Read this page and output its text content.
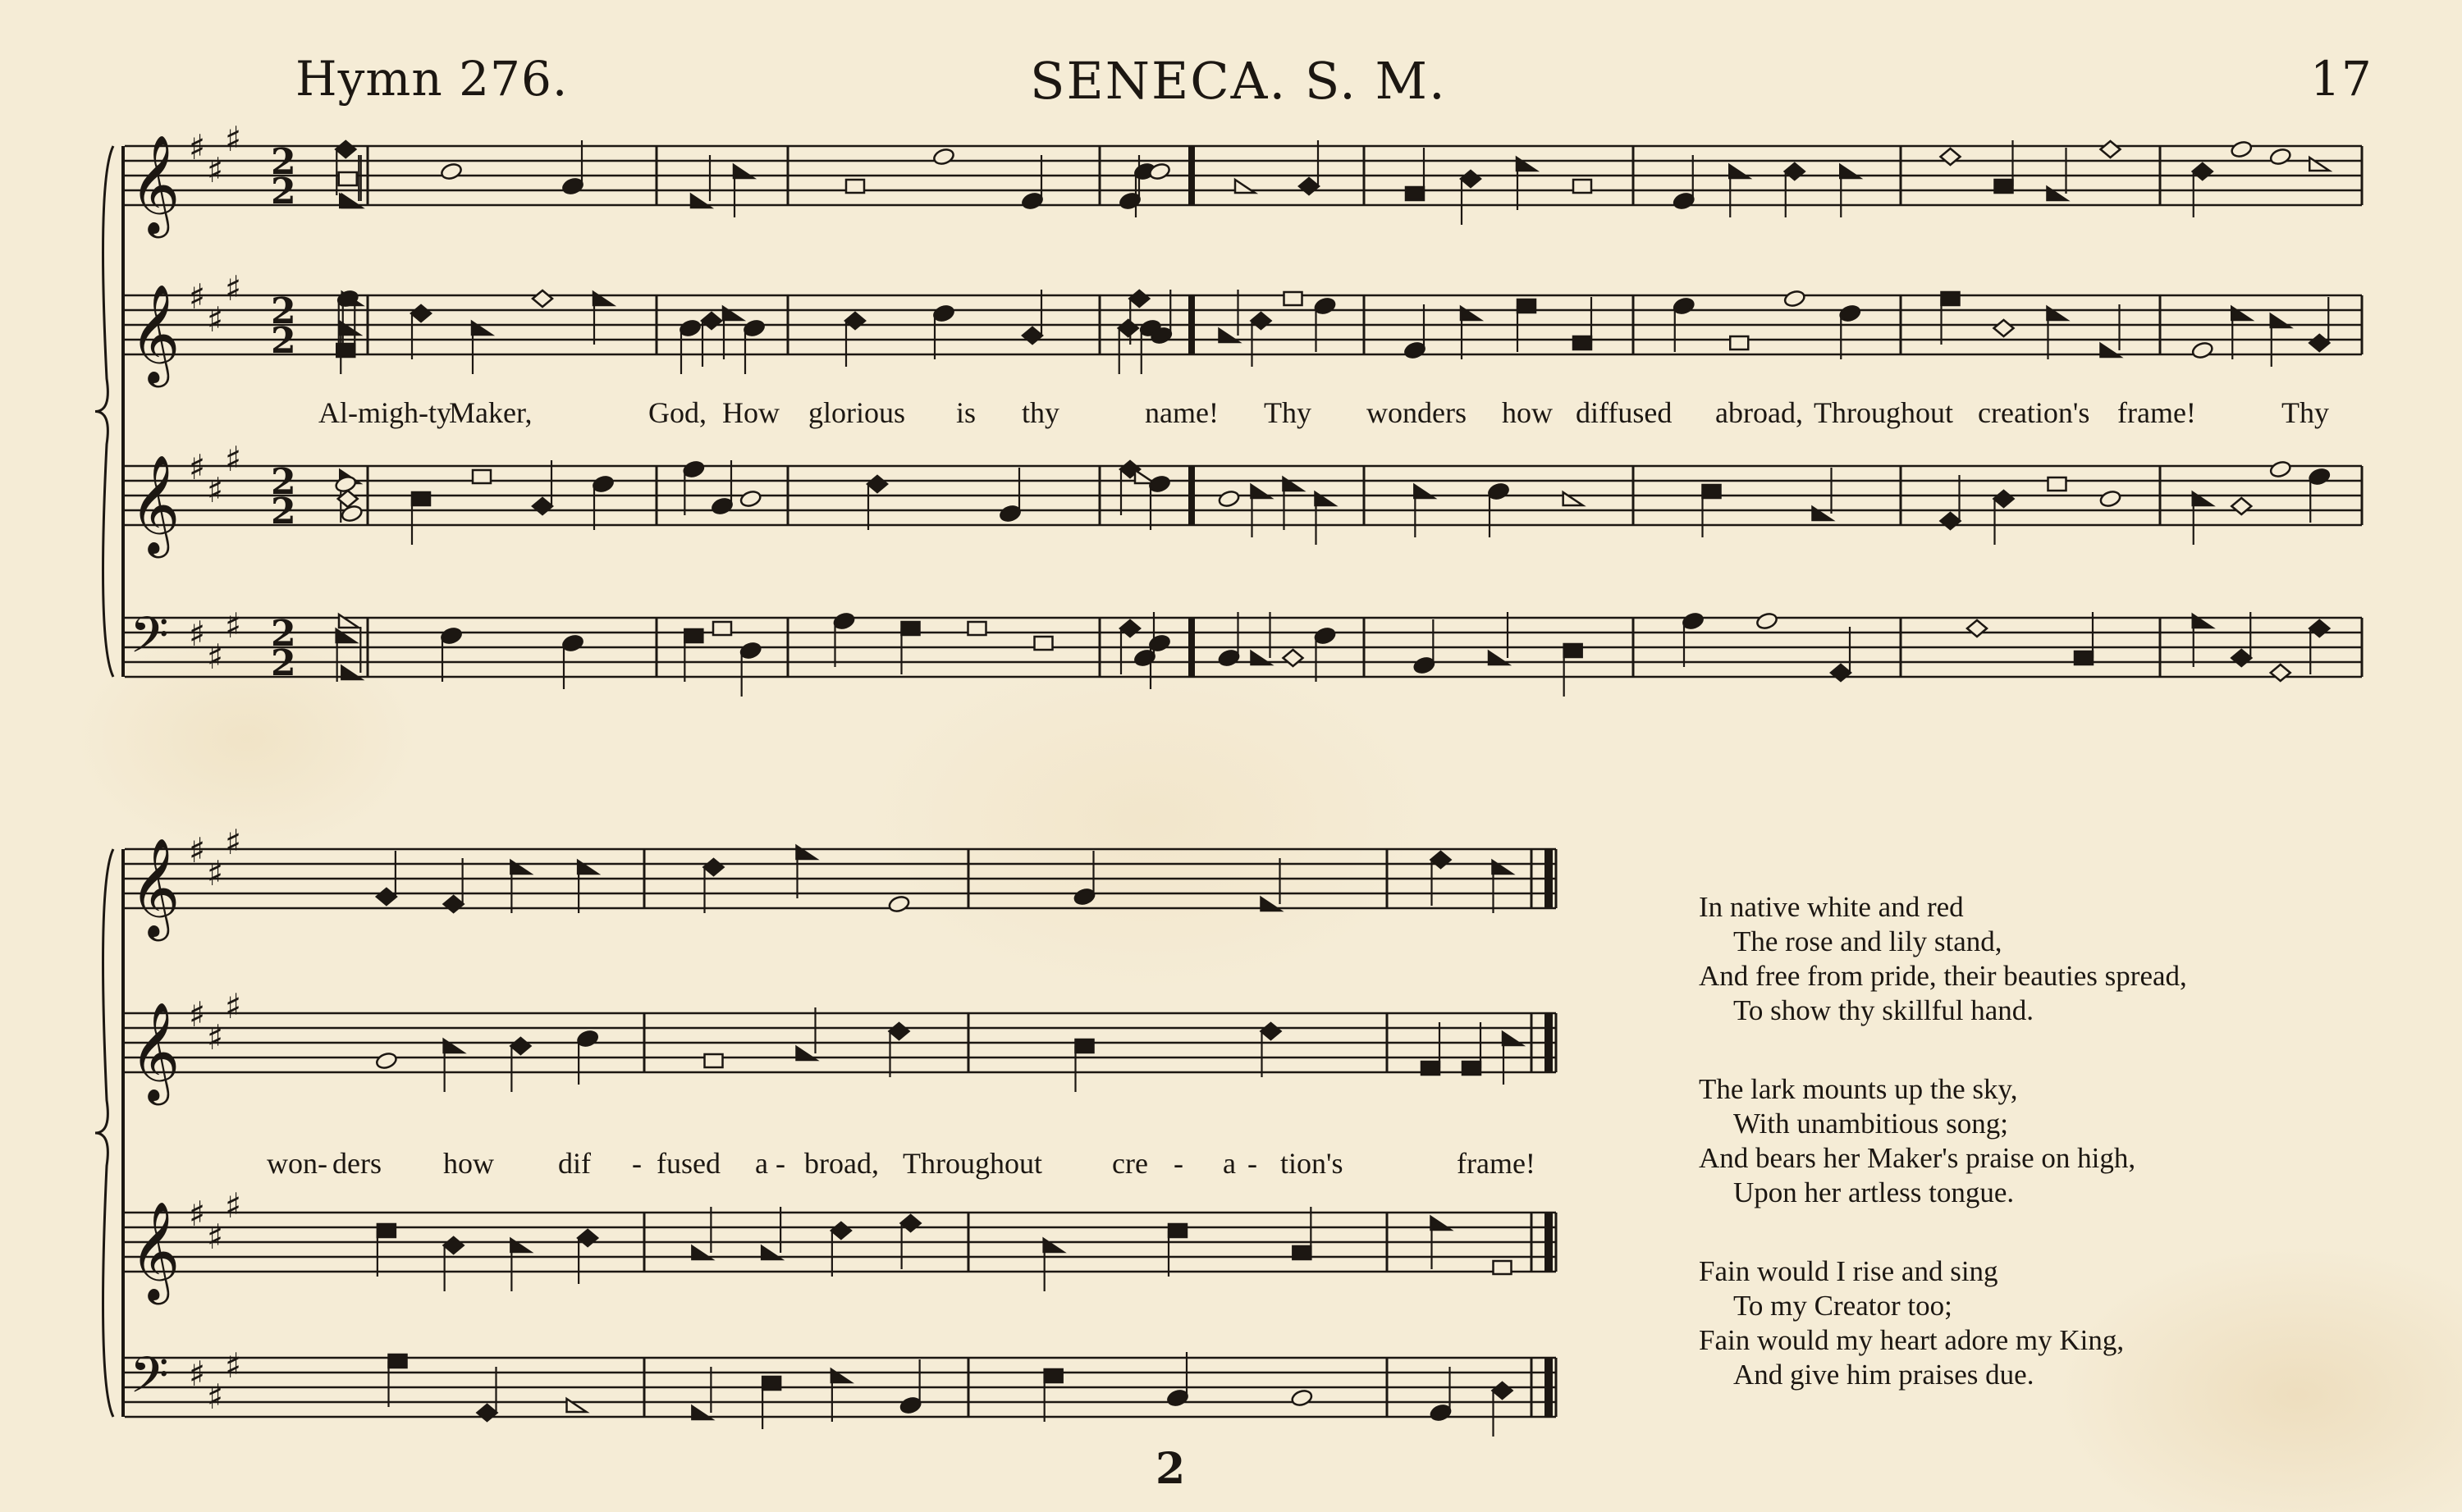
Hymn 276.	SENECA. S. M.	17
𝄞 ♯
♯
♯
2
2
𝄞 ♯
♯
♯
2
2
𝄞 ♯
♯
♯
2
2
𝄢 ♯
♯
♯ 2
2
𝄞 ♯
♯
♯
𝄞 ♯
♯
♯
𝄞 ♯
♯
♯
𝄢 ♯
♯
♯
Al-migh-ty
Maker,	God, How glorious is thy	name! Thy wonders how diffused abroad, Throughout creation's frame!	Thy
won- ders how dif - fused a - broad, Throughout cre - a - tion's	frame!
In native white and red
The rose and lily stand,
And free from pride, their beauties spread,
To show thy skillful hand.
The lark mounts up the sky,
With unambitious song;
And bears her Maker's praise on high,
Upon her artless tongue.
Fain would I rise and sing
To my Creator too;
Fain would my heart adore my King,
And give him praises due.
2
